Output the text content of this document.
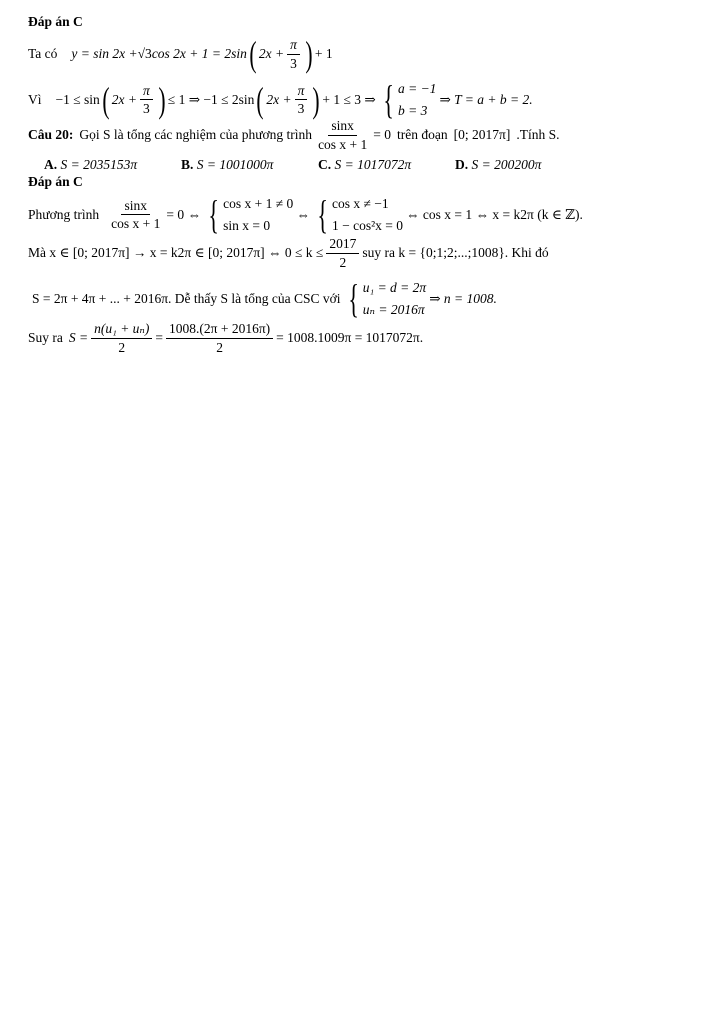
Đáp án C
Ta có y = sin 2x + √3 cos 2x + 1 = 2sin ( $2x + \frac{\pi}{3}$ ) + 1
Vì −1 ≤ sin ( $2x + \frac{\pi}{3}$ ) ≤ 1 ⇒ −1 ≤ 2sin ( $2x + \frac{\pi}{3}$ ) + 1 ≤ 3 ⇒ { a = −1
b = 3
⇒ T = a + b = 2.
Câu 20: Gọi S là tổng các nghiệm của phương trình $\frac{\sin x}{\text{cos x + 1}} = 0$ trên đoạn [0; 2017π] .Tính S.
A. S = 2035153π	B. S = 1001000π	C. S = 1017072π	D. S = 200200π
Đáp án C
Phương trình $\frac{\sin x}{\text{cos x + 1}} = 0$ ⇔ { cos x + 1 ≠ 0
sin x = 0
⇔ { cos x ≠ −1
1 − cos²x = 0
⇔ cos x = 1 ⇔ x = k2π (k ∈ ℤ).
Mà x ∈ [0; 2017π] → x = k2π ∈ [0; 2017π] ⇔ $0 \le k \le \frac{2017}{2}$ suy ra k = {0;1;2;...;1008}. Khi đó
S = 2π + 4π + ... + 2016π. Dễ thấy S là tổng của CSC với { u₁ = d = 2π
uₙ = 2016π
⇒ n = 1008.
Suy ra $S = \frac{\text{n(u₁ + uₙ)}}{2} = \frac{1008.(2\pi + 2016\pi)}{2} = 1008.1009\pi = 1017072\pi$.
